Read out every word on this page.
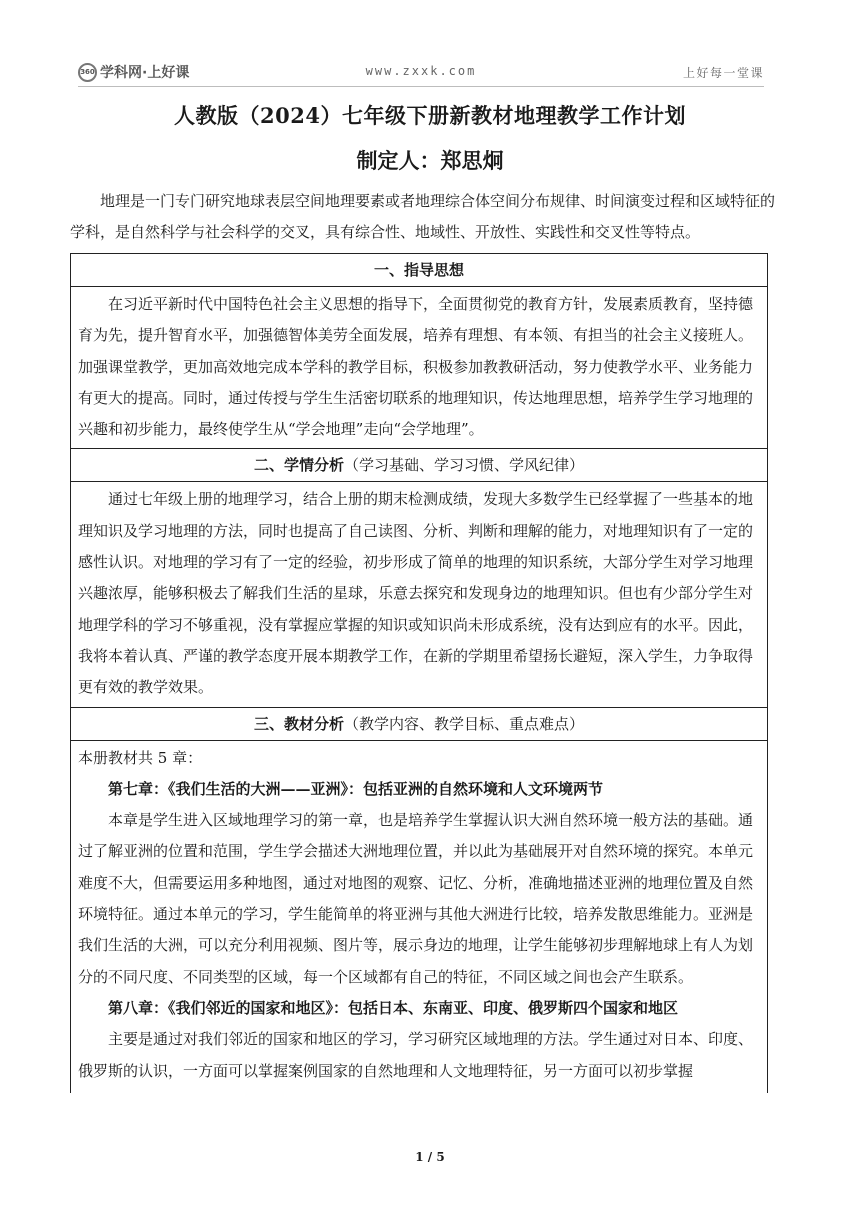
360 学科网·上好课	www.zxxk.com	上好每一堂课
人教版（2024）七年级下册新教材地理教学工作计划
制定人：郑思炯

地理是一门专门研究地球表层空间地理要素或者地理综合体空间分布规律、时间演变过程和区域特征的学科，是自然科学与社会科学的交叉，具有综合性、地域性、开放性、实践性和交叉性等特点。

一、指导思想

在习近平新时代中国特色社会主义思想的指导下，全面贯彻党的教育方针，发展素质教育，坚持德育为先，提升智育水平，加强德智体美劳全面发展，培养有理想、有本领、有担当的社会主义接班人。加强课堂教学，更加高效地完成本学科的教学目标，积极参加教教研活动，努力使教学水平、业务能力有更大的提高。同时，通过传授与学生生活密切联系的地理知识，传达地理思想，培养学生学习地理的兴趣和初步能力，最终使学生从“学会地理”走向“会学地理”。

二、学情分析（学习基础、学习习惯、学风纪律）

通过七年级上册的地理学习，结合上册的期末检测成绩，发现大多数学生已经掌握了一些基本的地理知识及学习地理的方法，同时也提高了自己读图、分析、判断和理解的能力，对地理知识有了一定的感性认识。对地理的学习有了一定的经验，初步形成了简单的地理的知识系统，大部分学生对学习地理兴趣浓厚，能够积极去了解我们生活的星球，乐意去探究和发现身边的地理知识。但也有少部分学生对地理学科的学习不够重视，没有掌握应掌握的知识或知识尚未形成系统，没有达到应有的水平。因此，我将本着认真、严谨的教学态度开展本期教学工作，在新的学期里希望扬长避短，深入学生，力争取得更有效的教学效果。

三、教材分析（教学内容、教学目标、重点难点）

本册教材共 5 章：

第七章：《我们生活的大洲——亚洲》：包括亚洲的自然环境和人文环境两节

本章是学生进入区域地理学习的第一章，也是培养学生掌握认识大洲自然环境一般方法的基础。通过了解亚洲的位置和范围，学生学会描述大洲地理位置，并以此为基础展开对自然环境的探究。本单元难度不大，但需要运用多种地图，通过对地图的观察、记忆、分析，准确地描述亚洲的地理位置及自然环境特征。通过本单元的学习，学生能简单的将亚洲与其他大洲进行比较，培养发散思维能力。亚洲是我们生活的大洲，可以充分利用视频、图片等，展示身边的地理，让学生能够初步理解地球上有人为划分的不同尺度、不同类型的区域，每一个区域都有自己的特征，不同区域之间也会产生联系。

第八章：《我们邻近的国家和地区》：包括日本、东南亚、印度、俄罗斯四个国家和地区

主要是通过对我们邻近的国家和地区的学习，学习研究区域地理的方法。学生通过对日本、印度、俄罗斯的认识，一方面可以掌握案例国家的自然地理和人文地理特征，另一方面可以初步掌握

1 / 5
